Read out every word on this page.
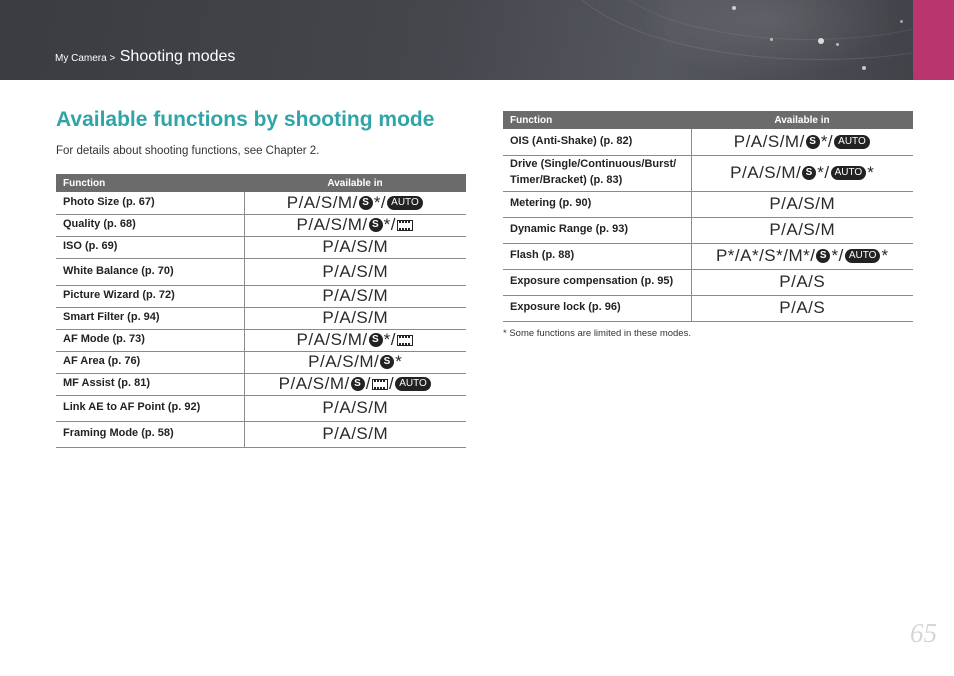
My Camera > Shooting modes
Available functions by shooting mode

For details about shooting functions, see Chapter 2.

Function	Available in
Photo Size (p. 67)	P/A/S/M/ S */ AUTO
Quality (p. 68)	P/A/S/M/ S */
ISO (p. 69)	P/A/S/M
White Balance (p. 70)	P/A/S/M
Picture Wizard (p. 72)	P/A/S/M
Smart Filter (p. 94)	P/A/S/M
AF Mode (p. 73)	P/A/S/M/ S */
AF Area (p. 76)	P/A/S/M/ S *
MF Assist (p. 81)	P/A/S/M/ S / / AUTO
Link AE to AF Point (p. 92)	P/A/S/M
Framing Mode (p. 58)	P/A/S/M
Function	Available in
OIS (Anti-Shake) (p. 82)	P/A/S/M/ S */ AUTO
Drive (Single/Continuous/Burst/ Timer/Bracket) (p. 83)	P/A/S/M/ S */ AUTO *
Metering (p. 90)	P/A/S/M
Dynamic Range (p. 93)	P/A/S/M
Flash (p. 88)	P*/A*/S*/M*/ S */ AUTO *
Exposure compensation (p. 95)	P/A/S
Exposure lock (p. 96)	P/A/S

* Some functions are limited in these modes.

65
